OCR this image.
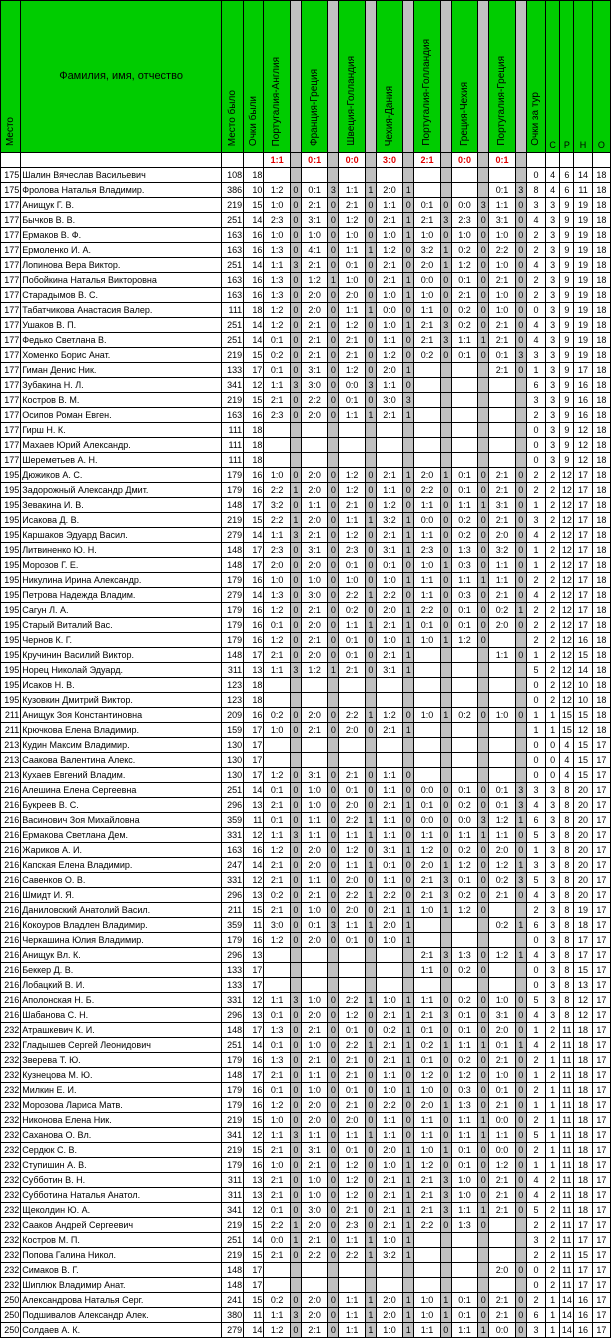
Место	Фамилия, имя, отчество	Место было	Очки были	Португалия-Англия		Франция-Греция		Швеция-Голландия		Чехия-Дания		Португалия-Голландия		Греция-Чехия		Португалия-Греция		Очки за тур	С	Р	Н	О
				1:1		0:1		0:0		3:0		2:1		0:0		0:1						
175	Шалин Вячеслав Васильевич	108	18															0	4	6	14	18
175	Фролова Наталья Владимир.	386	10	1:2	0	0:1	3	1:1	1	2:0	1					0:1	3	8	4	6	11	18
177	Анищук Г. В.	219	15	1:0	0	2:1	0	2:1	0	1:1	0	0:1	0	0:0	3	1:1	0	3	3	9	19	18
177	Бычков В. В.	251	14	2:3	0	3:1	0	1:2	0	2:1	1	2:1	3	2:3	0	3:1	0	4	3	9	19	18
177	Ермаков В. Ф.	163	16	1:0	0	1:0	0	1:0	0	1:0	1	1:0	0	1:0	0	1:0	0	2	3	9	19	18
177	Ермоленко И. А.	163	16	1:3	0	4:1	0	1:1	1	1:2	0	3:2	1	0:2	0	2:2	0	2	3	9	19	18
177	Лопинова Вера Виктор.	251	14	1:1	3	2:1	0	0:1	0	2:1	0	2:0	1	1:2	0	1:0	0	4	3	9	19	18
177	Побойкина Наталья Викторовна	163	16	1:3	0	1:2	1	1:0	0	2:1	1	0:0	0	0:1	0	2:1	0	2	3	9	19	18
177	Старадымов В. С.	163	16	1:3	0	2:0	0	2:0	0	1:0	1	1:0	0	2:1	0	1:0	0	2	3	9	19	18
177	Табатчикова Анастасия Валер.	111	18	1:2	0	2:0	0	1:1	1	0:0	0	1:1	0	0:2	0	1:0	0	0	3	9	19	18
177	Ушаков В. П.	251	14	1:2	0	2:1	0	1:2	0	1:0	1	2:1	3	0:2	0	2:1	0	4	3	9	19	18
177	Федько Светлана В.	251	14	0:1	0	2:1	0	2:1	0	1:1	0	2:1	3	1:1	1	2:1	0	4	3	9	19	18
177	Хоменко Борис Анат.	219	15	0:2	0	2:1	0	2:1	0	1:2	0	0:2	0	0:1	0	0:1	3	3	3	9	19	18
177	Гиман Денис Ник.	133	17	0:1	0	3:1	0	1:2	0	2:0	1					2:1	0	1	3	9	17	18
177	Зубакина Н. Л.	341	12	1:1	3	3:0	0	0:0	3	1:1	0							6	3	9	16	18
177	Костров В. М.	219	15	2:1	0	2:2	0	0:1	0	3:0	3							3	3	9	16	18
177	Осипов Роман Евген.	163	16	2:3	0	2:0	0	1:1	1	2:1	1							2	3	9	16	18
177	Гирш Н. К.	111	18															0	3	9	12	18
177	Махаев Юрий Александр.	111	18															0	3	9	12	18
177	Шереметьев А. Н.	111	18															0	3	9	12	18
195	Дюжиков А. С.	179	16	1:0	0	2:0	0	1:2	0	2:1	1	2:0	1	0:1	0	2:1	0	2	2	12	17	18
195	Задорожный Александр Дмит.	179	16	2:2	1	2:0	0	1:2	0	1:1	0	2:2	0	0:1	0	2:1	0	2	2	12	17	18
195	Зевакина И. В.	148	17	3:2	0	1:1	0	2:1	0	1:2	0	1:1	0	1:1	1	3:1	0	1	2	12	17	18
195	Исакова Д. В.	219	15	2:2	1	2:0	0	1:1	1	3:2	1	0:0	0	0:2	0	2:1	0	3	2	12	17	18
195	Каршаков Эдуард Васил.	279	14	1:1	3	2:1	0	1:2	0	2:1	1	1:1	0	0:2	0	2:0	0	4	2	12	17	18
195	Литвиненко Ю. Н.	148	17	2:3	0	3:1	0	2:3	0	3:1	1	2:3	0	1:3	0	3:2	0	1	2	12	17	18
195	Морозов Г. Е.	148	17	2:0	0	2:0	0	0:1	0	0:1	0	1:0	1	0:3	0	1:1	0	1	2	12	17	18
195	Никулина Ирина Александр.	179	16	1:0	0	1:0	0	1:0	0	1:0	1	1:1	0	1:1	1	1:1	0	2	2	12	17	18
195	Петрова Надежда Владим.	279	14	1:3	0	3:0	0	2:2	1	2:2	0	1:1	0	0:3	0	2:1	0	4	2	12	17	18
195	Сагун Л. А.	179	16	1:2	0	2:1	0	0:2	0	2:0	1	2:2	0	0:1	0	0:2	1	2	2	12	17	18
195	Старый Виталий Вас.	179	16	0:1	0	2:0	0	1:1	1	2:1	1	0:1	0	0:1	0	2:0	0	2	2	12	17	18
195	Чернов К. Г.	179	16	1:2	0	2:1	0	0:1	0	1:0	1	1:0	1	1:2	0			2	2	12	16	18
195	Кручинин Василий Виктор.	148	17	2:1	0	2:0	0	0:1	0	2:1	1					1:1	0	1	2	12	15	18
195	Норец Николай Эдуард.	311	13	1:1	3	1:2	1	2:1	0	3:1	1							5	2	12	14	18
195	Исаков Н. В.	123	18															0	2	12	10	18
195	Кузовкин Дмитрий Виктор.	123	18															0	2	12	10	18
211	Анищук Зоя Константиновна	209	16	0:2	0	2:0	0	2:2	1	1:2	0	1:0	1	0:2	0	1:0	0	1	1	15	15	18
211	Крючкова Елена Владимир.	159	17	1:0	0	2:1	0	2:0	0	2:1	1							1	1	15	12	18
213	Кудин Максим Владимир.	130	17															0	0	4	15	17
213	Саакова Валентина Алекс.	130	17															0	0	4	15	17
213	Кухаев Евгений Владим.	130	17	1:2	0	3:1	0	2:1	0	1:1	0							0	0	4	15	17
216	Алешина Елена Сергеевна	251	14	0:1	0	1:0	0	0:1	0	1:1	0	0:0	0	0:1	0	0:1	3	3	3	8	20	17
216	Букреев В. С.	296	13	2:1	0	1:0	0	2:0	0	2:1	1	0:1	0	0:2	0	0:1	3	4	3	8	20	17
216	Васинович Зоя Михайловна	359	11	0:1	0	1:1	0	2:2	1	1:1	0	0:0	0	0:0	3	1:2	1	6	3	8	20	17
216	Ермакова Светлана Дем.	331	12	1:1	3	1:1	0	1:1	1	1:1	0	1:1	0	1:1	1	1:1	0	5	3	8	20	17
216	Жариков А. И.	163	16	1:2	0	2:0	0	1:2	0	3:1	1	1:2	0	0:2	0	2:0	0	1	3	8	20	17
216	Капская Елена Владимир.	247	14	2:1	0	2:0	0	1:1	1	0:1	0	2:0	1	1:2	0	1:2	1	3	3	8	20	17
216	Савенков О. В.	331	12	2:1	0	1:1	0	2:0	0	1:1	0	2:1	3	0:1	0	0:2	3	5	3	8	20	17
216	Шмидт И. Я.	296	13	0:2	0	2:1	0	2:2	1	2:2	0	2:1	3	0:2	0	2:1	0	4	3	8	20	17
216	Даниловский Анатолий Васил.	211	15	2:1	0	1:0	0	2:0	0	2:1	1	1:0	1	1:2	0			2	3	8	19	17
216	Кокоуров Владлен Владимир.	359	11	3:0	0	0:1	3	1:1	1	2:0	1					0:2	1	6	3	8	18	17
216	Черкашина Юлия Владимир.	179	16	1:2	0	2:0	0	0:1	0	1:0	1							0	3	8	17	17
216	Анищук Вл. К.	296	13									2:1	3	1:3	0	1:2	1	4	3	8	17	17
216	Беккер Д. В.	133	17									1:1	0	0:2	0			0	3	8	15	17
216	Лобацкий В. И.	133	17															0	3	8	13	17
216	Аполонская Н. Б.	331	12	1:1	3	1:0	0	2:2	1	1:0	1	1:1	0	0:2	0	1:0	0	5	3	8	12	17
216	Шабанова С. Н.	296	13	0:1	0	2:0	0	1:2	0	2:1	1	2:1	3	0:1	0	3:1	0	4	3	8	12	17
232	Атрашкевич К. И.	148	17	1:3	0	2:1	0	0:1	0	0:2	1	0:1	0	0:1	0	2:0	0	1	2	11	18	17
232	Гладышев Сергей Леонидович	251	14	0:1	0	1:0	0	2:2	1	2:1	1	0:2	1	1:1	1	0:1	1	4	2	11	18	17
232	Зверева Т. Ю.	179	16	1:3	0	2:1	0	2:1	0	2:1	1	0:1	0	0:2	0	2:1	0	2	1	11	18	17
232	Кузнецова М. Ю.	148	17	2:1	0	1:1	0	2:1	0	1:1	0	1:2	0	1:2	0	1:0	0	1	2	11	18	17
232	Милкин Е. И.	179	16	0:1	0	1:0	0	0:1	0	1:0	1	1:0	0	0:3	0	0:1	0	2	1	11	18	17
232	Морозова Лариса Матв.	179	16	1:2	0	2:0	0	2:1	0	2:2	0	2:0	1	1:3	0	2:1	0	1	1	11	18	17
232	Никонова Елена Ник.	219	15	1:0	0	2:0	0	2:0	0	1:1	0	1:1	0	1:1	1	0:0	0	2	1	11	18	17
232	Саханова О. Вл.	341	12	1:1	3	1:1	0	1:1	1	1:1	0	1:1	0	1:1	1	1:1	0	5	1	11	18	17
232	Сердюк С. В.	219	15	2:1	0	3:1	0	0:1	0	2:0	1	1:0	1	0:1	0	0:0	0	2	1	11	18	17
232	Ступишин А. В.	179	16	1:0	0	2:1	0	1:2	0	1:0	1	1:2	0	0:1	0	1:2	0	1	1	11	18	17
232	Субботин В. Н.	311	13	2:1	0	1:0	0	1:2	0	2:1	1	2:1	3	1:0	0	2:1	0	4	2	11	18	17
232	Субботина Наталья Анатол.	311	13	2:1	0	1:0	0	1:2	0	2:1	1	2:1	3	1:0	0	2:1	0	4	2	11	18	17
232	Щеколдин Ю. А.	341	12	0:1	0	3:0	0	2:1	0	2:1	1	2:1	3	1:1	1	2:1	0	5	2	11	18	17
232	Сааков Андрей Сергеевич	219	15	2:2	1	2:0	0	2:3	0	2:1	1	2:2	0	1:3	0			2	2	11	17	17
232	Костров М. П.	251	14	0:0	1	2:1	0	1:1	1	1:0	1							3	2	11	17	17
232	Попова Галина Никол.	219	15	2:1	0	2:2	0	2:2	1	3:2	1							2	2	11	15	17
232	Симаков В. Г.	148	17													2:0	0	0	2	11	17	17
232	Шиплюк Владимир Анат.	148	17															0	2	11	17	17
250	Александрова Наталья Серг.	241	15	0:2	0	2:0	0	1:1	1	2:0	1	1:0	1	0:1	0	2:1	0	2	1	14	16	17
250	Подшивалов Александр Алек.	380	11	1:1	3	2:0	0	1:1	1	2:0	1	1:0	1	0:1	0	2:1	0	6	1	14	16	17
250	Солдаев А. К.	279	14	1:2	0	2:1	0	1:1	1	1:0	1	1:1	0	1:1	1	0:0	0	3	1	14	16	17
